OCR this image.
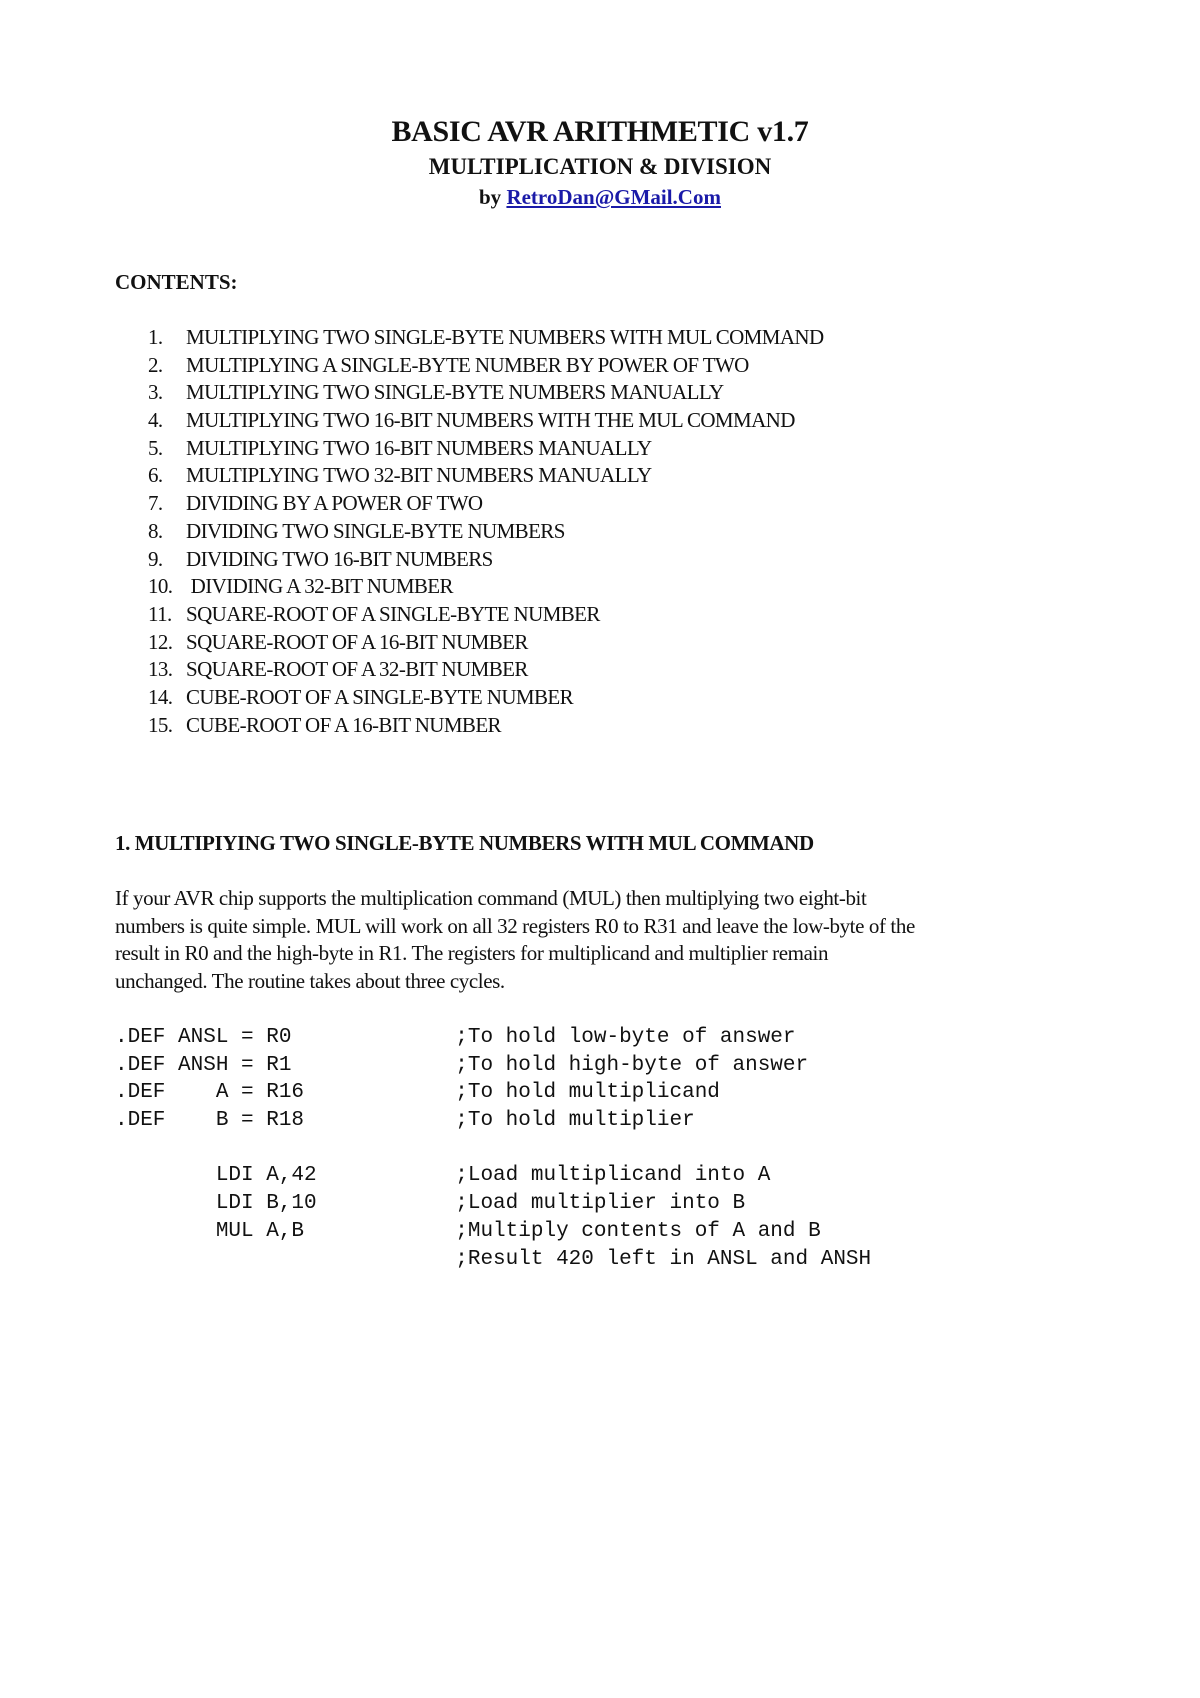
BASIC AVR ARITHMETIC v1.7
MULTIPLICATION & DIVISION
by RetroDan@GMail.Com
CONTENTS:
1.	MULTIPLYING TWO SINGLE-BYTE NUMBERS WITH MUL COMMAND
2.	MULTIPLYING A SINGLE-BYTE NUMBER BY POWER OF TWO
3.	MULTIPLYING TWO SINGLE-BYTE NUMBERS MANUALLY
4.	MULTIPLYING TWO 16-BIT NUMBERS WITH THE MUL COMMAND
5.	MULTIPLYING TWO 16-BIT NUMBERS MANUALLY
6.	MULTIPLYING TWO 32-BIT NUMBERS MANUALLY
7.	DIVIDING BY A POWER OF TWO
8.	DIVIDING TWO SINGLE-BYTE NUMBERS
9.	DIVIDING TWO 16-BIT NUMBERS
10. DIVIDING A 32-BIT NUMBER
11. SQUARE-ROOT OF A SINGLE-BYTE NUMBER
12. SQUARE-ROOT OF A 16-BIT NUMBER
13. SQUARE-ROOT OF A 32-BIT NUMBER
14. CUBE-ROOT OF A SINGLE-BYTE NUMBER
15. CUBE-ROOT OF A 16-BIT NUMBER
1. MULTIPIYING TWO SINGLE-BYTE NUMBERS WITH MUL COMMAND
If your AVR chip supports the multiplication command (MUL) then multiplying two eight-bit
numbers is quite simple. MUL will work on all 32 registers R0 to R31 and leave the low-byte of the
result in R0 and the high-byte in R1. The registers for multiplicand and multiplier remain
unchanged. The routine takes about three cycles.
.DEF ANSL = R0             ;To hold low-byte of answer
.DEF ANSH = R1             ;To hold high-byte of answer
.DEF    A = R16            ;To hold multiplicand
.DEF    B = R18            ;To hold multiplier
LDI A,42           ;Load multiplicand into A
LDI B,10           ;Load multiplier into B
MUL A,B            ;Multiply contents of A and B
;Result 420 left in ANSL and ANSH
